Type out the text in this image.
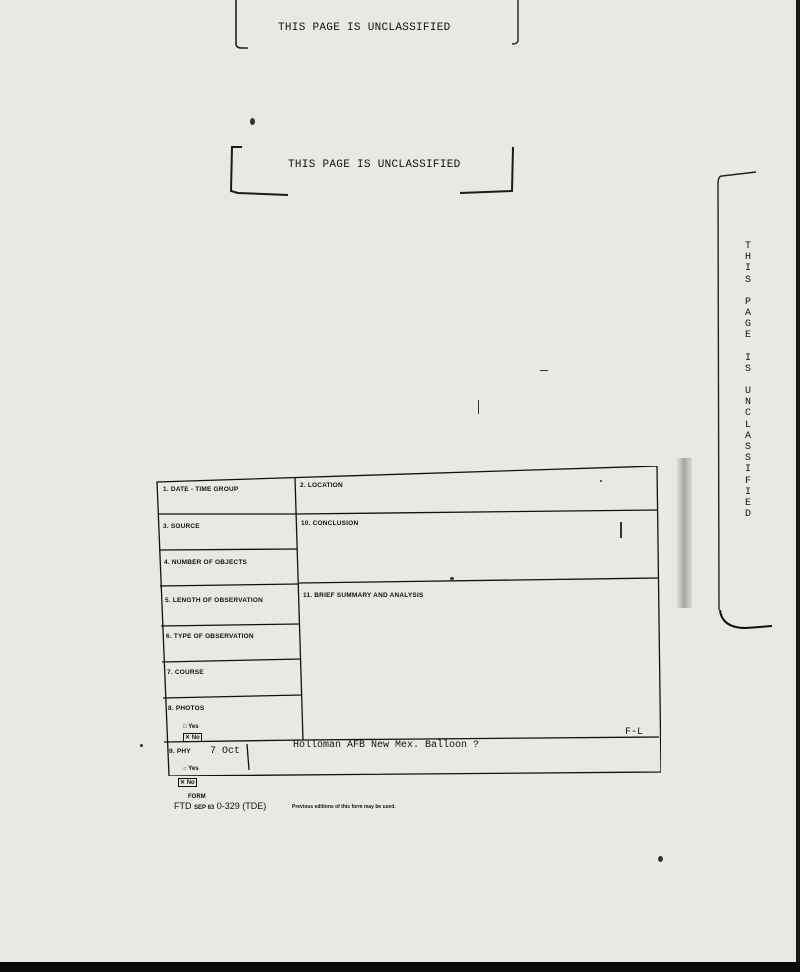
THIS PAGE IS UNCLASSIFIED
THIS PAGE IS UNCLASSIFIED
T
H
I
S
P
A
G
E
I
S
U
N
C
L
A
S
S
I
F
I
E
D
1. DATE - TIME GROUP
2. LOCATION
3. SOURCE	10. CONCLUSION
4. NUMBER OF OBJECTS
5. LENGTH OF OBSERVATION
11. BRIEF SUMMARY AND ANALYSIS
6. TYPE OF OBSERVATION
7. COURSE
8. PHOTOS
□ Yes
✕ No
9. PHY 7 Oct
○ Yes
Holloman AFB New Mex. Balloon ?
F-L
✕ No
FORM
FTD SEP 63 0-329 (TDE)	Previous editions of this form may be used.
